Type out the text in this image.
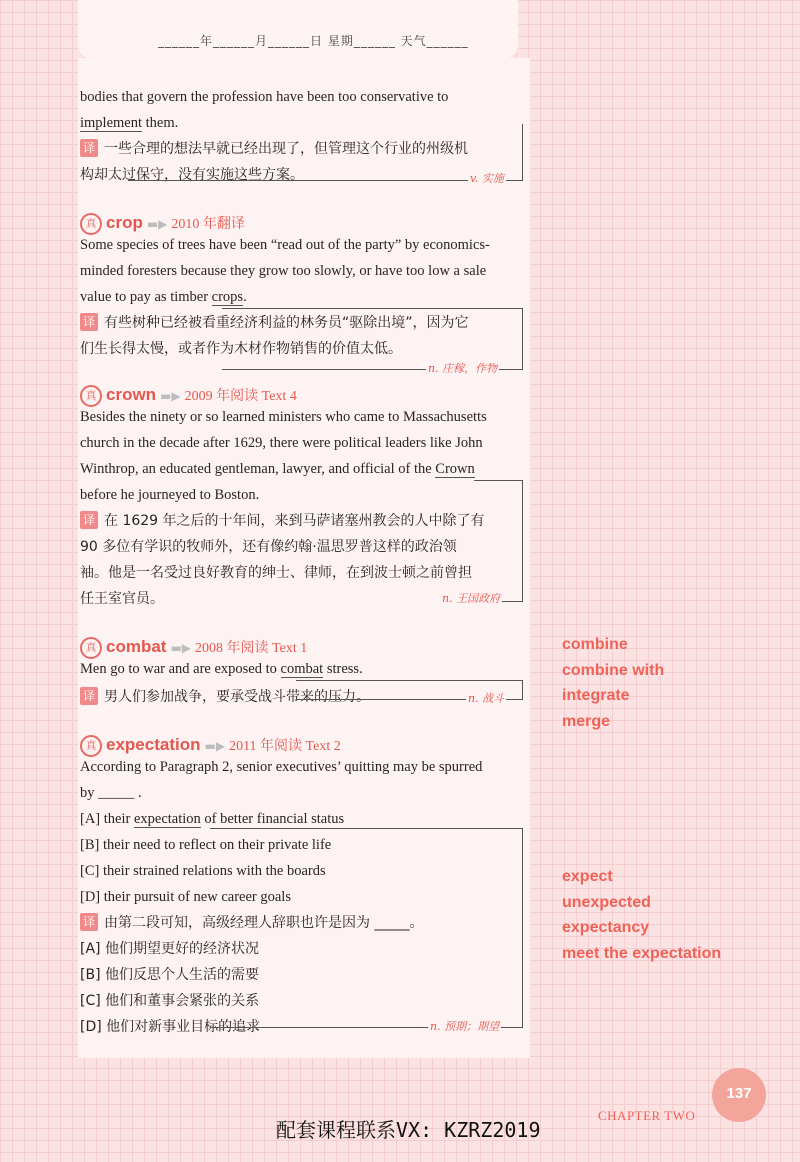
______年______月______日 星期______ 天气______
bodies that govern the profession have been too conservative to
implement them.
译 一些合理的想法早就已经出现了，但管理这个行业的州级机
构却太过保守，没有实施这些方案。	v. 实施
真 crop ▬▶ 2010 年翻译
Some species of trees have been “read out of the party” by economics-
minded foresters because they grow too slowly, or have too low a sale
value to pay as timber crops.
译 有些树种已经被看重经济利益的林务员“驱除出境”，因为它
们生长得太慢，或者作为木材作物销售的价值太低。
n. 庄稼，作物
真 crown ▬▶ 2009 年阅读 Text 4
Besides the ninety or so learned ministers who came to Massachusetts
church in the decade after 1629, there were political leaders like John
Winthrop, an educated gentleman, lawyer, and official of the Crown
before he journeyed to Boston.
译 在 1629 年之后的十年间，来到马萨诸塞州教会的人中除了有
90 多位有学识的牧师外，还有像约翰·温思罗普这样的政治领
袖。他是一名受过良好教育的绅士、律师，在到波士顿之前曾担
任王室官员。	n. 王国政府
真 combat ▬▶ 2008 年阅读 Text 1
Men go to war and are exposed to combat stress.
译 男人们参加战争，要承受战斗带来的压力。	n. 战斗
真 expectation ▬▶ 2011 年阅读 Text 2
According to Paragraph 2, senior executives’ quitting may be spurred
by _____ .
[A] their expectation of better financial status
[B] their need to reflect on their private life
[C] their strained relations with the boards
[D] their pursuit of new career goals
译 由第二段可知，高级经理人辞职也许是因为 _____。
[A] 他们期望更好的经济状况
[B] 他们反思个人生活的需要
[C] 他们和董事会紧张的关系
[D] 他们对新事业目标的追求	n. 预期；期望
combine
combine with
integrate
merge
expect
unexpected
expectancy
meet the expectation
137
CHAPTER TWO
配套课程联系VX: KZRZ2019
